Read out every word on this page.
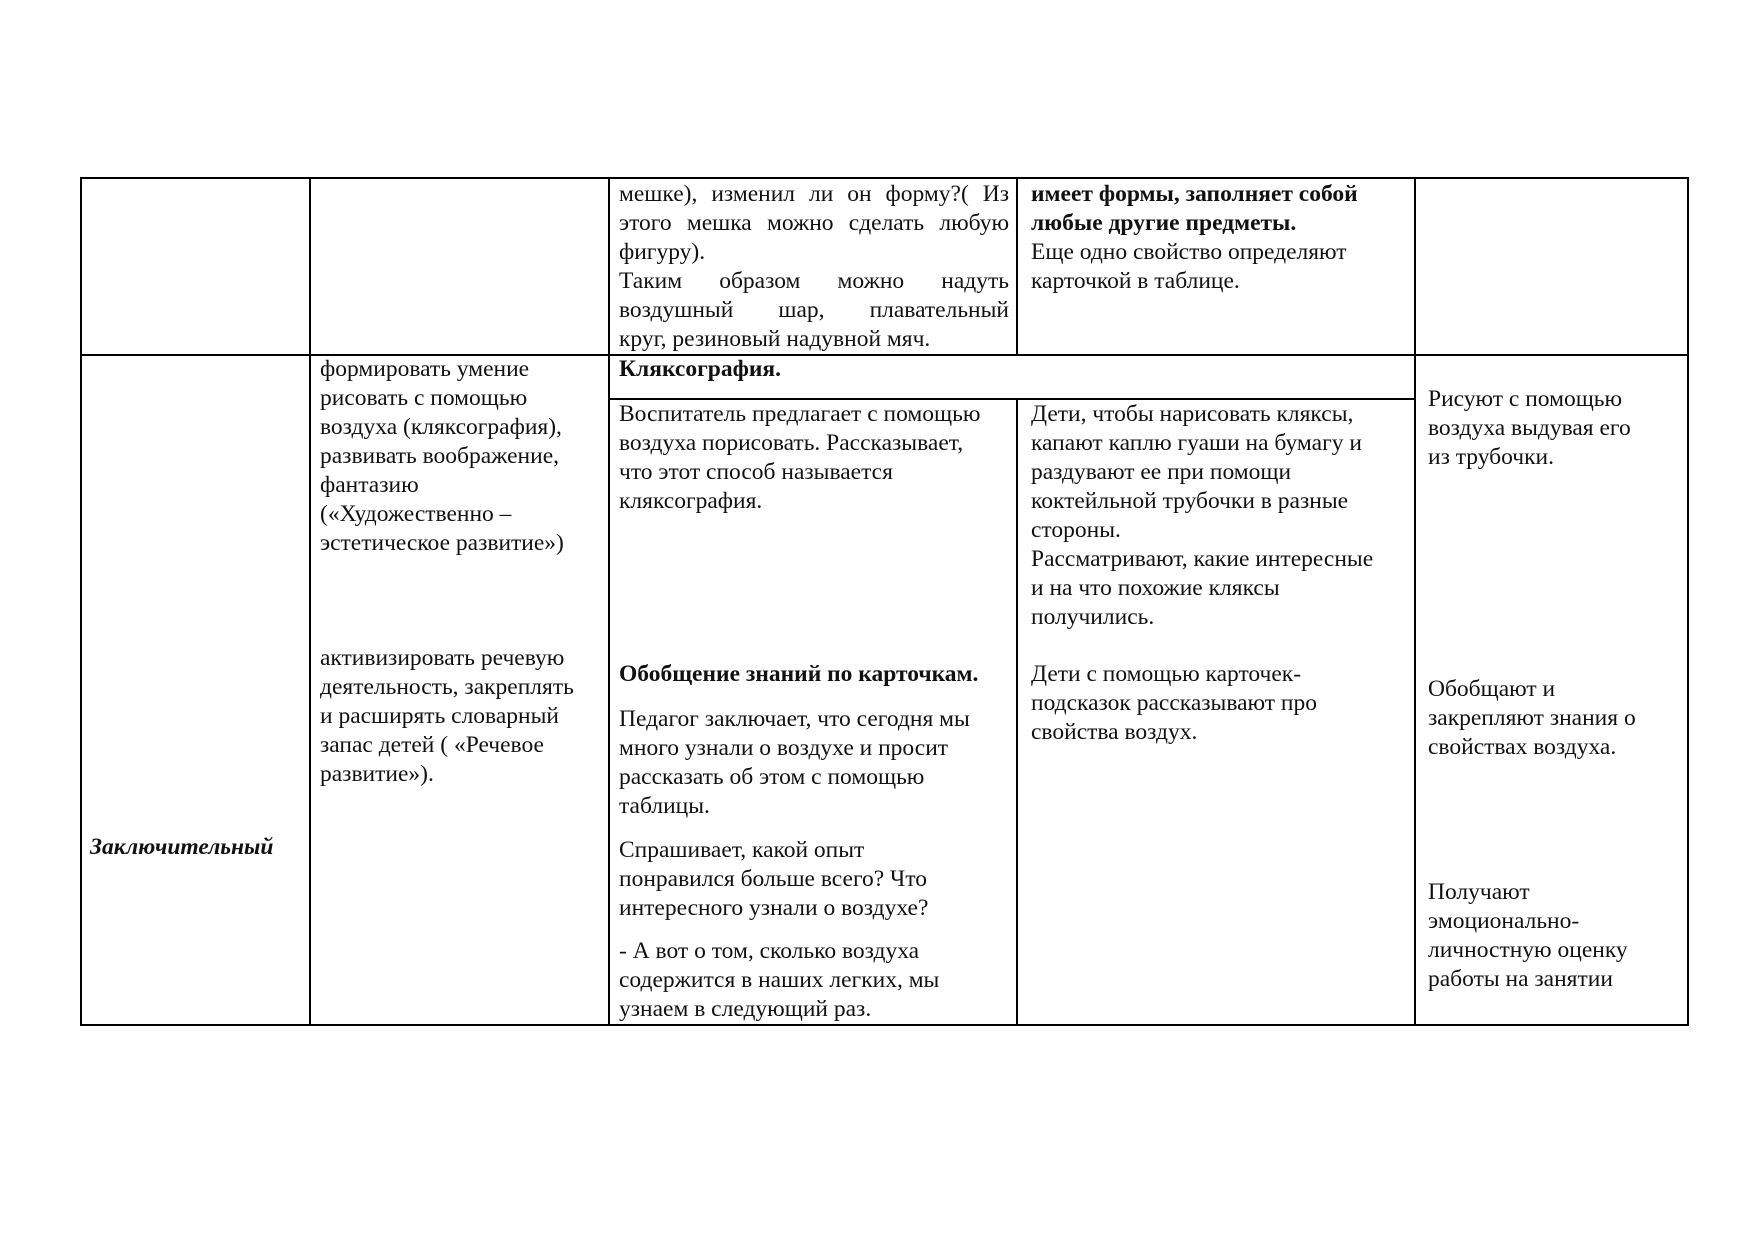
мешке), изменил ли он форму?( Из

этого мешка можно сделать любую

фигуру).

Таким образом можно надуть

воздушный шар, плавательный

круг, резиновый надувной мяч.

имеет формы, заполняет собой

любые другие предметы.

Еще одно свойство определяют

карточкой в таблице.

Заключительный

формировать умение

рисовать с помощью

воздуха (кляксография),

развивать воображение,

фантазию

(«Художественно –

эстетическое развитие»)

активизировать речевую

деятельность, закреплять

и расширять словарный

запас детей ( «Речевое

развитие»).

Кляксография.

Воспитатель предлагает с помощью

воздуха порисовать. Рассказывает,

что этот способ называется

кляксография.

Дети, чтобы нарисовать кляксы,

капают каплю гуаши на бумагу и

раздувают ее при помощи

коктейльной трубочки в разные

стороны.

Рассматривают, какие интересные

и на что похожие кляксы

получились.

Рисуют с помощью

воздуха выдувая его

из трубочки.

Обобщение знаний по карточкам.

Педагог заключает, что сегодня мы

много узнали о воздухе и просит

рассказать об этом с помощью

таблицы.

Спрашивает, какой опыт

понравился больше всего? Что

интересного узнали о воздухе?

- А вот о том, сколько воздуха

содержится в наших легких, мы

узнаем в следующий раз.

Дети с помощью карточек-

подсказок рассказывают про

свойства воздух.

Обобщают и

закрепляют знания о

свойствах воздуха.

Получают

эмоционально-

личностную оценку

работы на занятии
